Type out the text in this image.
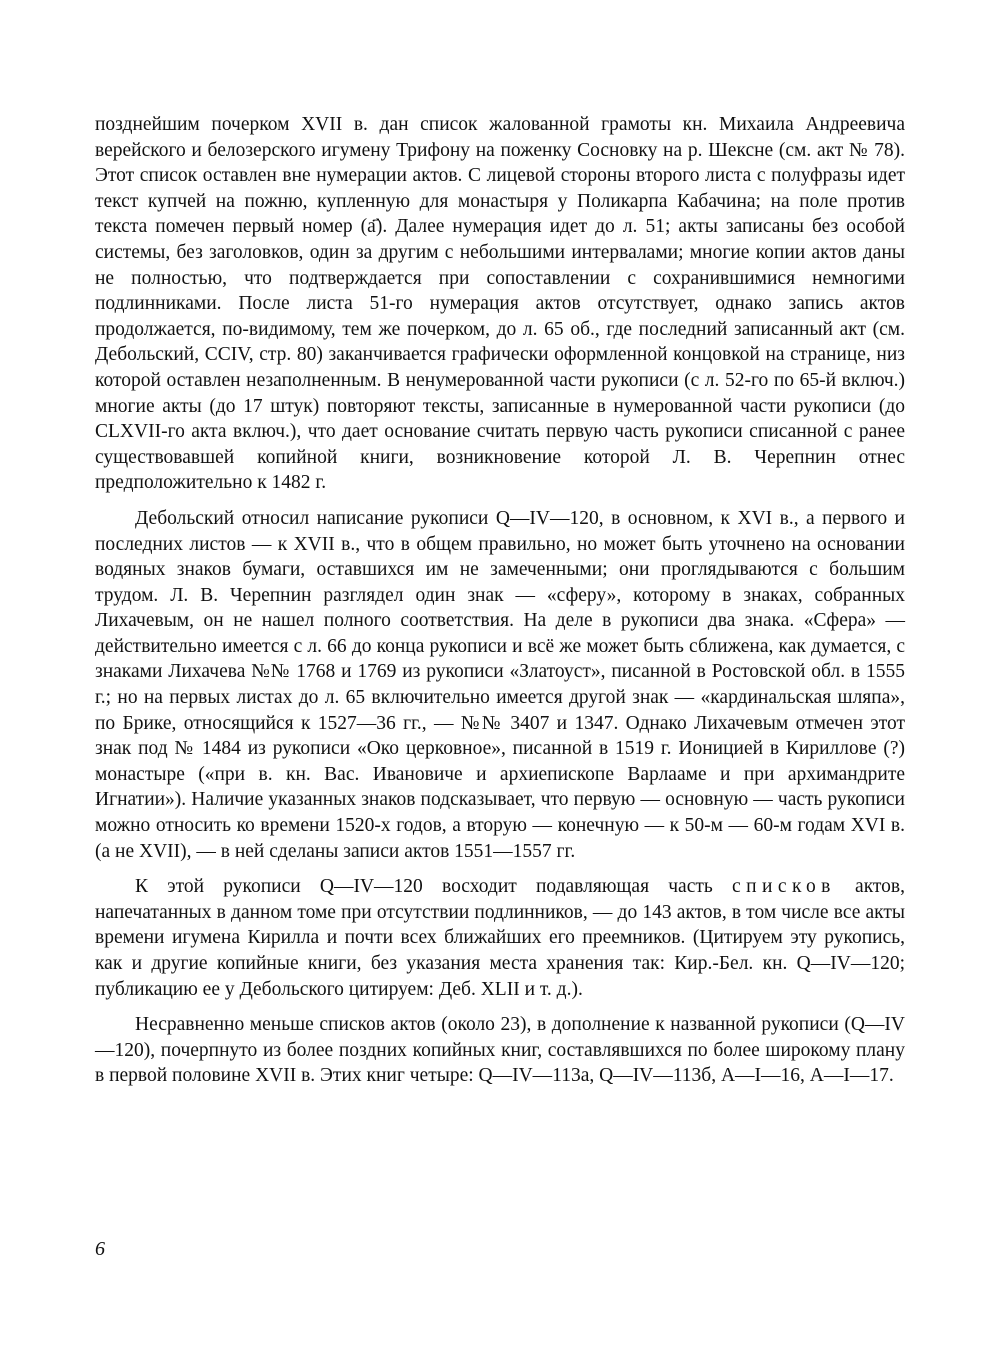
позднейшим почерком XVII в. дан список жалованной грамоты кн. Михаила Андреевича верейского и белозерского игумену Трифону на поженку Сосновку на р. Шексне (см. акт № 78). Этот список оставлен вне нумерации актов. С лицевой стороны второго листа с полуфразы идет текст купчей на пожню, купленную для монастыря у Поликарпа Кабачина; на поле против текста помечен первый номер (а҃). Далее нумерация идет до л. 51; акты записаны без особой системы, без заголовков, один за другим с небольшими интервалами; многие копии актов даны не полностью, что подтверждается при сопоставлении с сохранившимися немногими подлинниками. После листа 51-го нумерация актов отсутствует, однако запись актов продолжается, по-видимому, тем же почерком, до л. 65 об., где последний записанный акт (см. Дебольский, CCIV, стр. 80) заканчивается графически оформленной концовкой на странице, низ которой оставлен незаполненным. В ненумерованной части рукописи (с л. 52-го по 65-й включ.) многие акты (до 17 штук) повторяют тексты, записанные в нумерованной части рукописи (до CLXVII-го акта включ.), что дает основание считать первую часть рукописи списанной с ранее существовавшей копийной книги, возникновение которой Л. В. Черепнин отнес предположительно к 1482 г.

Дебольский относил написание рукописи Q—IV—120, в основном, к XVI в., а первого и последних листов — к XVII в., что в общем правильно, но может быть уточнено на основании водяных знаков бумаги, оставшихся им не замеченными; они проглядываются с большим трудом. Л. В. Черепнин разглядел один знак — «сферу», которому в знаках, собранных Лихачевым, он не нашел полного соответствия. На деле в рукописи два знака. «Сфера» — действительно имеется с л. 66 до конца рукописи и всё же может быть сближена, как думается, с знаками Лихачева №№ 1768 и 1769 из рукописи «Златоуст», писанной в Ростовской обл. в 1555 г.; но на первых листах до л. 65 включительно имеется другой знак — «кардинальская шляпа», по Брике, относящийся к 1527—36 гг., — №№ 3407 и 1347. Однако Лихачевым отмечен этот знак под № 1484 из рукописи «Око церковное», писанной в 1519 г. Ионицией в Кириллове (?) монастыре («при в. кн. Вас. Ивановиче и архиепископе Варлааме и при архимандрите Игнатии»). Наличие указанных знаков подсказывает, что первую — основную — часть рукописи можно относить ко времени 1520-х годов, а вторую — конечную — к 50-м — 60-м годам XVI в. (а не XVII), — в ней сделаны записи актов 1551—1557 гг.

К этой рукописи Q—IV—120 восходит подавляющая часть списков актов, напечатанных в данном томе при отсутствии подлинников, — до 143 актов, в том числе все акты времени игумена Кирилла и почти всех ближайших его преемников. (Цитируем эту рукопись, как и другие копийные книги, без указания места хранения так: Кир.-Бел. кн. Q—IV—120; публикацию ее у Дебольского цитируем: Деб. XLII и т. д.).

Несравненно меньше списков актов (около 23), в дополнение к названной рукописи (Q—IV—120), почерпнуто из более поздних копийных книг, составлявшихся по более широкому плану в первой половине XVII в. Этих книг четыре: Q—IV—113а, Q—IV—113б, А—I—16, А—I—17.

6
